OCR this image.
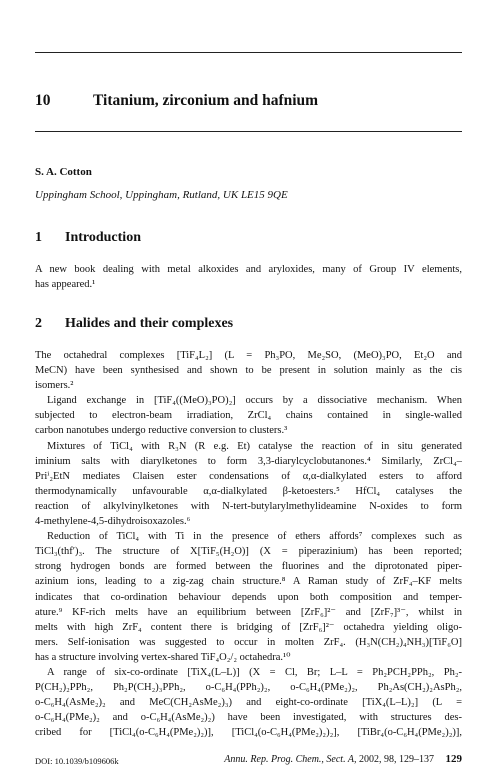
10	Titanium, zirconium and hafnium
S. A. Cotton
Uppingham School, Uppingham, Rutland, UK LE15 9QE
1 Introduction
A new book dealing with metal alkoxides and aryloxides, many of Group IV elements,
has appeared.¹
2 Halides and their complexes
The octahedral complexes [TiF₄L₂] (L = Ph₃PO, Me₂SO, (MeO)₃PO, Et₂O and
MeCN) have been synthesised and shown to be present in solution mainly as the cis
isomers.²
Ligand exchange in [TiF₄((MeO)₃PO)₂] occurs by a dissociative mechanism. When
subjected to electron-beam irradiation, ZrCl₄ chains contained in single-walled
carbon nanotubes undergo reductive conversion to clusters.³
Mixtures of TiCl₄ with R₃N (R e.g. Et) catalyse the reaction of in situ generated
iminium salts with diarylketones to form 3,3-diarylcyclobutanones.⁴ Similarly, ZrCl₄–
Priⁱ₂EtN mediates Claisen ester condensations of α,α-dialkylated esters to afford
thermodynamically unfavourable α,α-dialkylated β-ketoesters.⁵ HfCl₄ catalyses the
reaction of alkylvinylketones with N-tert-butylarylmethylideamine N-oxides to form
4-methylene-4,5-dihydroisoxazoles.⁶
Reduction of TiCl₄ with Ti in the presence of ethers affords⁷ complexes such as
TiCl₃(thf′)₃. The structure of X[TiF₅(H₂O)] (X = piperazinium) has been reported;
strong hydrogen bonds are formed between the fluorines and the diprotonated piper-
azinium ions, leading to a zig-zag chain structure.⁸ A Raman study of ZrF₄–KF melts
indicates that co-ordination behaviour depends upon both composition and temper-
ature.⁹ KF-rich melts have an equilibrium between [ZrF₆]²⁻ and [ZrF₇]³⁻, whilst in
melts with high ZrF₄ content there is bridging of [ZrF₆]²⁻ octahedra yielding oligo-
mers. Self-ionisation was suggested to occur in molten ZrF₄. (H₃N(CH₂)₄NH₃)[TiF₆O]
has a structure involving vertex-shared TiF₄O₂/₂ octahedra.¹⁰
A range of six-co-ordinate [TiX₄(L–L)] (X = Cl, Br; L–L = Ph₂PCH₂PPh₂, Ph₂-
P(CH₂)₂PPh₂, Ph₂P(CH₂)₃PPh₂, o-C₆H₄(PPh₂)₂, o-C₆H₄(PMe₂)₂, Ph₂As(CH₂)₂AsPh₂,
o-C₆H₄(AsMe₂)₂ and MeC(CH₂AsMe₂)₃) and eight-co-ordinate [TiX₄(L–L)₂] (L =
o-C₆H₄(PMe₂)₂ and o-C₆H₄(AsMe₂)₂) have been investigated, with structures des-
cribed for [TiCl₄(o-C₆H₄(PMe₂)₂)], [TiCl₄(o-C₆H₄(PMe₂)₂)₂], [TiBr₄(o-C₆H₄(PMe₂)₂)],
DOI: 10.1039/b109606k	Annu. Rep. Prog. Chem., Sect. A, 2002, 98, 129–137 129
